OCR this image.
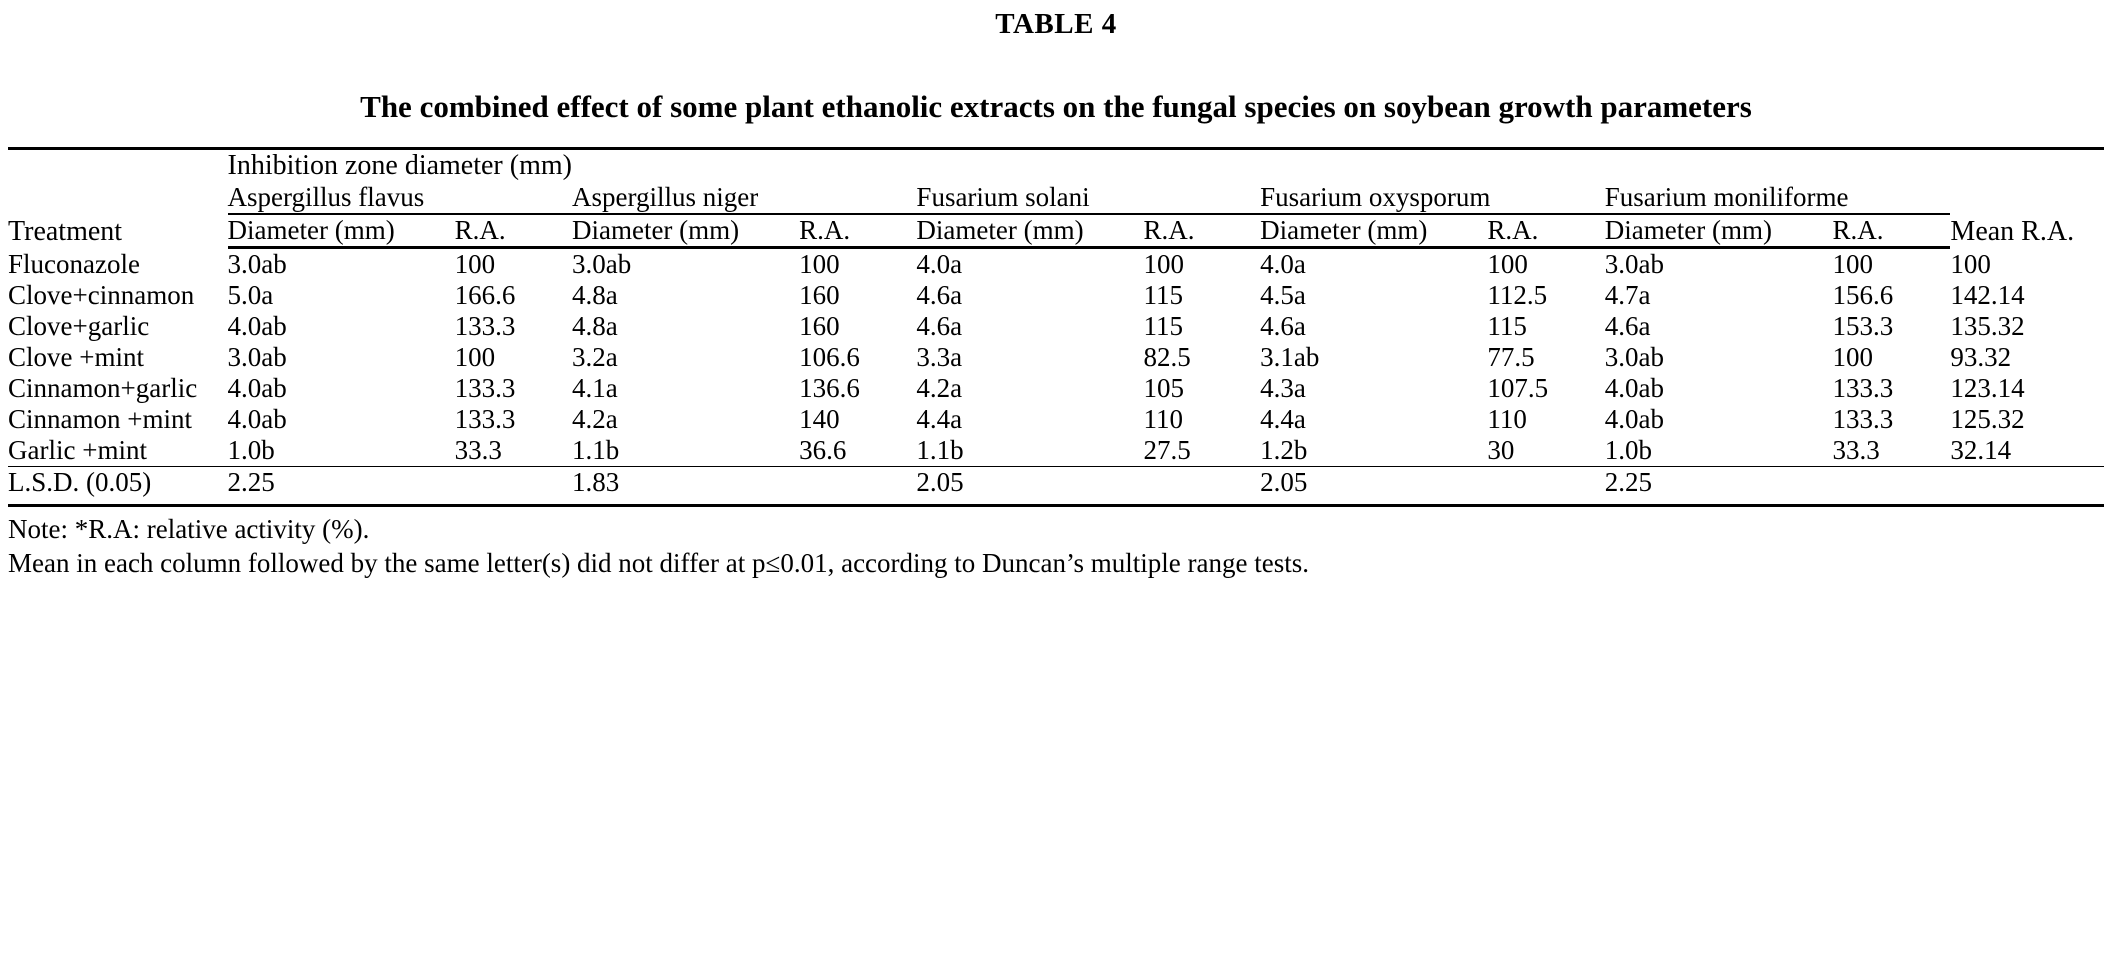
TABLE 4
The combined effect of some plant ethanolic extracts on the fungal species on soybean growth parameters
	Inhibition zone diameter (mm)										Mean R.A.
Treatment	Aspergillus flavus		Aspergillus niger		Fusarium solani		Fusarium oxysporum		Fusarium moniliforme		
	Diameter (mm)	R.A.	Diameter (mm)	R.A.	Diameter (mm)	R.A.	Diameter (mm)	R.A.	Diameter (mm)	R.A.	
Fluconazole	3.0ab	100	3.0ab	100	4.0a	100	4.0a	100	3.0ab	100	100
Clove+cinnamon	5.0a	166.6	4.8a	160	4.6a	115	4.5a	112.5	4.7a	156.6	142.14
Clove+garlic	4.0ab	133.3	4.8a	160	4.6a	115	4.6a	115	4.6a	153.3	135.32
Clove +mint	3.0ab	100	3.2a	106.6	3.3a	82.5	3.1ab	77.5	3.0ab	100	93.32
Cinnamon+garlic	4.0ab	133.3	4.1a	136.6	4.2a	105	4.3a	107.5	4.0ab	133.3	123.14
Cinnamon +mint	4.0ab	133.3	4.2a	140	4.4a	110	4.4a	110	4.0ab	133.3	125.32
Garlic +mint	1.0b	33.3	1.1b	36.6	1.1b	27.5	1.2b	30	1.0b	33.3	32.14
L.S.D. (0.05)	2.25		1.83		2.05		2.05		2.25		

Note: *R.A: relative activity (%).
Mean in each column followed by the same letter(s) did not differ at p≤0.01, according to Duncan’s multiple range tests.
